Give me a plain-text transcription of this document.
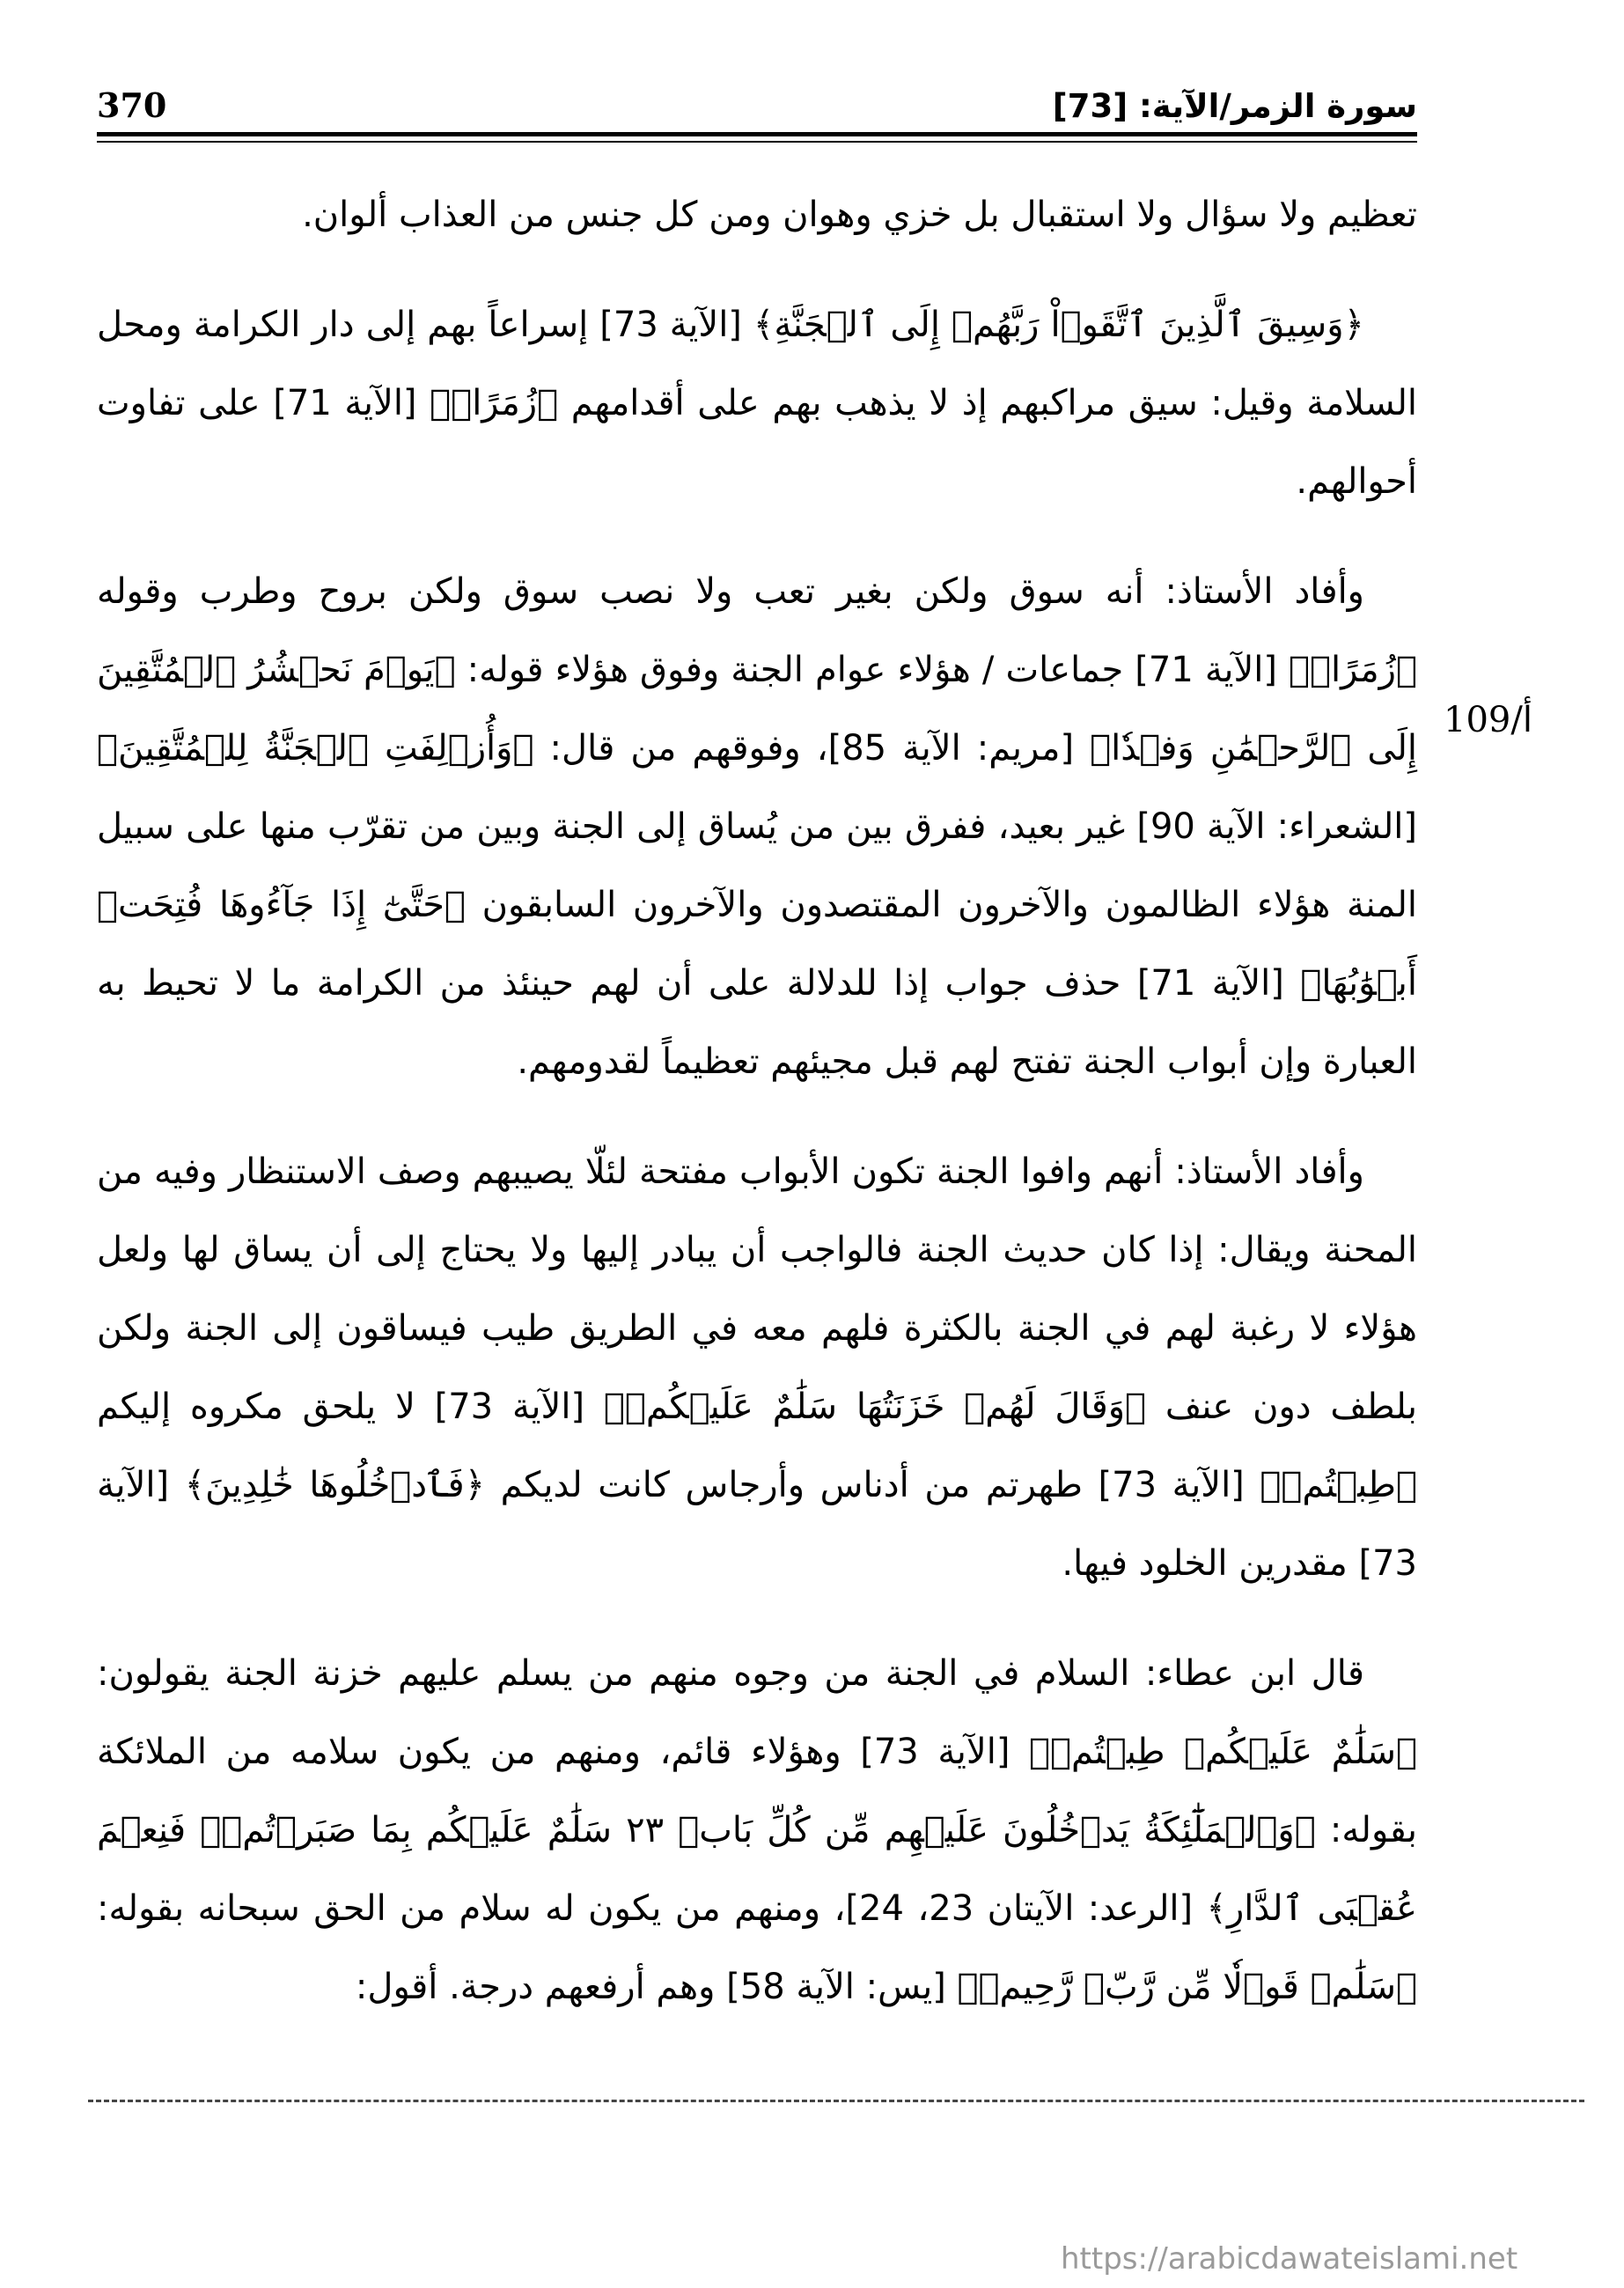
370	سورة الزمر/الآية: [73]
109/أ

تعظيم ولا سؤال ولا استقبال بل خزي وهوان ومن كل جنس من العذاب ألوان.

﴿وَسِيقَ ٱلَّذِينَ ٱتَّقَوۡاْ رَبَّهُمۡ إِلَى ٱلۡجَنَّةِ﴾ [الآية 73] إسراعاً بهم إلى دار الكرامة ومحل السلامة وقيل: سيق مراكبهم إذ لا يذهب بهم على أقدامهم ﴿زُمَرًاۖ﴾ [الآية 71] على تفاوت أحوالهم.

وأفاد الأستاذ: أنه سوق ولكن بغير تعب ولا نصب سوق ولكن بروح وطرب وقوله ﴿زُمَرًاۖ﴾ [الآية 71] جماعات / هؤلاء عوام الجنة وفوق هؤلاء قوله: ﴿يَوۡمَ نَحۡشُرُ ٱلۡمُتَّقِينَ إِلَى ٱلرَّحۡمَٰنِ وَفۡدٗا﴾ [مريم: الآية 85]، وفوقهم من قال: ﴿وَأُزۡلِفَتِ ٱلۡجَنَّةُ لِلۡمُتَّقِينَ﴾ [الشعراء: الآية 90] غير بعيد، ففرق بين من يُساق إلى الجنة وبين من تقرّب منها على سبيل المنة هؤلاء الظالمون والآخرون المقتصدون والآخرون السابقون ﴿حَتَّىٰٓ إِذَا جَآءُوهَا فُتِحَتۡ أَبۡوَٰبُهَا﴾ [الآية 71] حذف جواب إذا للدلالة على أن لهم حينئذ من الكرامة ما لا تحيط به العبارة وإن أبواب الجنة تفتح لهم قبل مجيئهم تعظيماً لقدومهم.

وأفاد الأستاذ: أنهم وافوا الجنة تكون الأبواب مفتحة لئلّا يصيبهم وصف الاستنظار وفيه من المحنة ويقال: إذا كان حديث الجنة فالواجب أن يبادر إليها ولا يحتاج إلى أن يساق لها ولعل هؤلاء لا رغبة لهم في الجنة بالكثرة فلهم معه في الطريق طيب فيساقون إلى الجنة ولكن بلطف دون عنف ﴿وَقَالَ لَهُمۡ خَزَنَتُهَا سَلَٰمٌ عَلَيۡكُمۡ﴾ [الآية 73] لا يلحق مكروه إليكم ﴿طِبۡتُمۡ﴾ [الآية 73] طهرتم من أدناس وأرجاس كانت لديكم ﴿فَٱدۡخُلُوهَا خَٰلِدِينَ﴾ [الآية 73] مقدرين الخلود فيها.

قال ابن عطاء: السلام في الجنة من وجوه منهم من يسلم عليهم خزنة الجنة يقولون: ﴿سَلَٰمٌ عَلَيۡكُمۡ طِبۡتُمۡ﴾ [الآية 73] وهؤلاء قائم، ومنهم من يكون سلامه من الملائكة بقوله: ﴿وَٱلۡمَلَٰٓئِكَةُ يَدۡخُلُونَ عَلَيۡهِم مِّن كُلِّ بَابٖ ٢٣ سَلَٰمٌ عَلَيۡكُم بِمَا صَبَرۡتُمۡۚ فَنِعۡمَ عُقۡبَى ٱلدَّارِ﴾ [الرعد: الآيتان 23، 24]، ومنهم من يكون له سلام من الحق سبحانه بقوله: ﴿سَلَٰمٞ قَوۡلٗا مِّن رَّبّٖ رَّحِيمٖ﴾ [يس: الآية 58] وهم أرفعهم درجة. أقول:

https://arabicdawateislami.net
